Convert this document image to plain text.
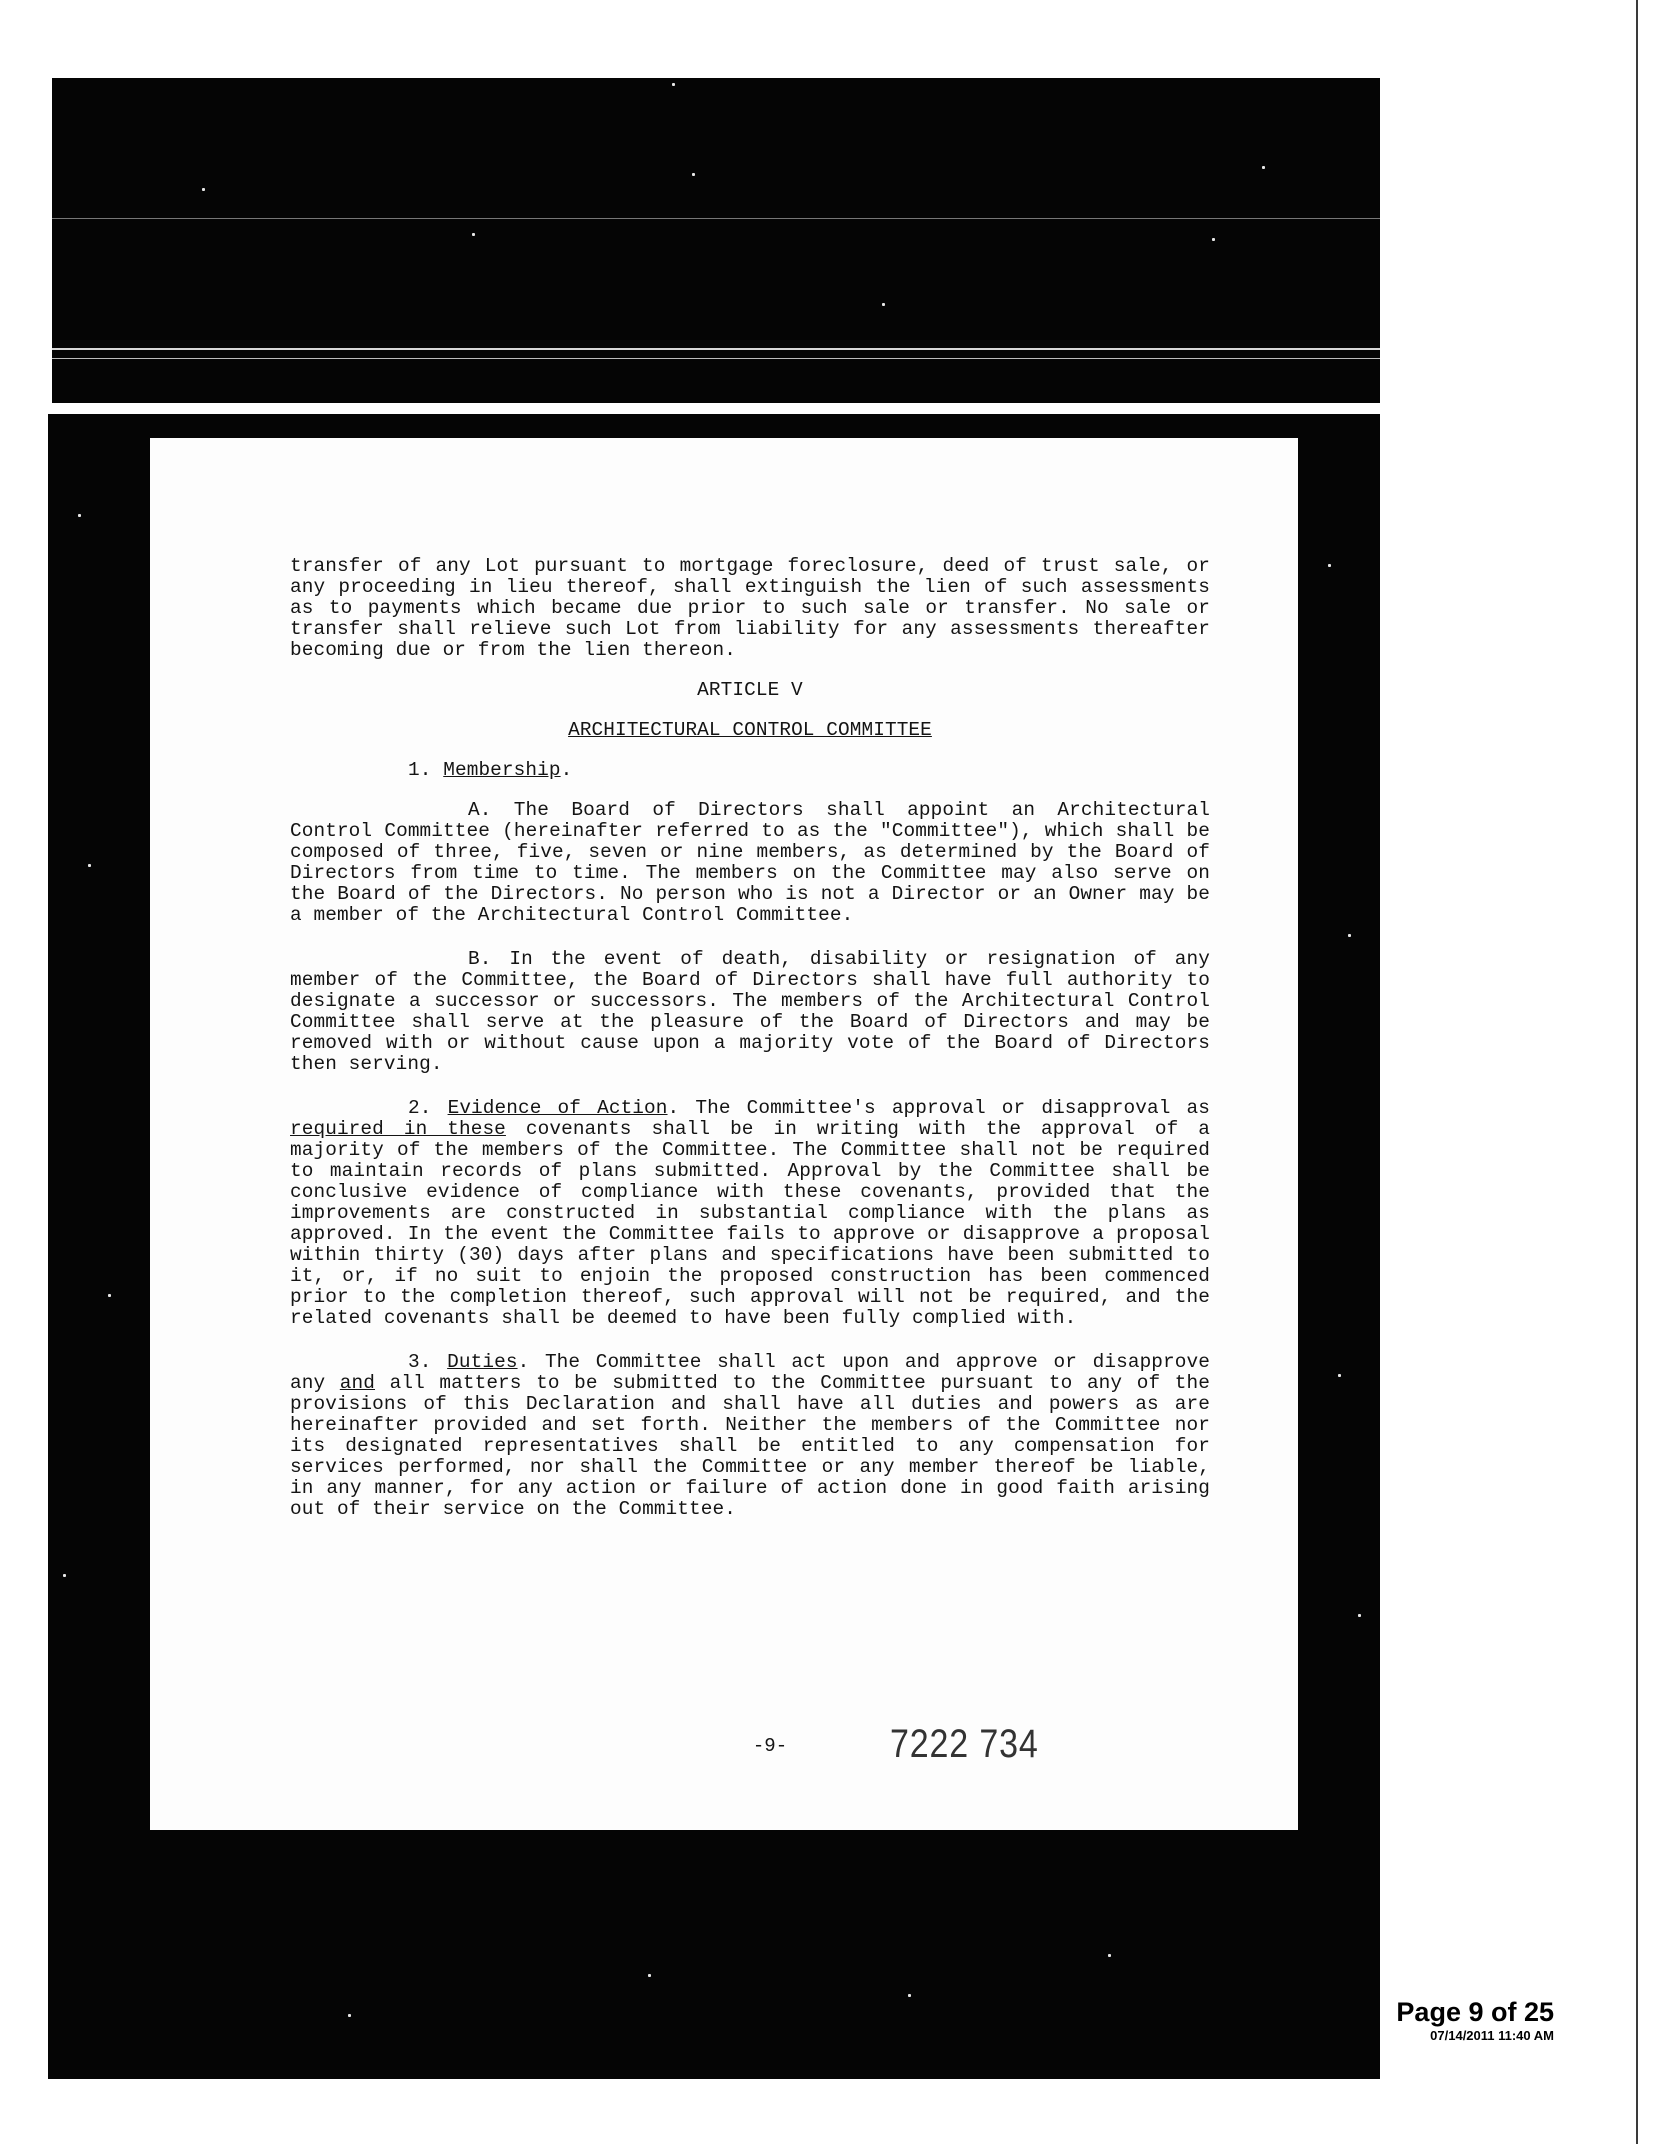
transfer of any Lot pursuant to mortgage foreclosure, deed of trust sale, or any proceeding in lieu thereof, shall extinguish the lien of such assessments as to payments which became due prior to such sale or transfer. No sale or transfer shall relieve such Lot from liability for any assessments thereafter becoming due or from the lien thereon.

ARTICLE V

ARCHITECTURAL CONTROL COMMITTEE

1. Membership.

A. The Board of Directors shall appoint an Architectural Control Committee (hereinafter referred to as the "Committee"), which shall be composed of three, five, seven or nine members, as determined by the Board of Directors from time to time. The members on the Committee may also serve on the Board of the Directors. No person who is not a Director or an Owner may be a member of the Architectural Control Committee.

B. In the event of death, disability or resignation of any member of the Committee, the Board of Directors shall have full authority to designate a successor or successors. The members of the Architectural Control Committee shall serve at the pleasure of the Board of Directors and may be removed with or without cause upon a majority vote of the Board of Directors then serving.

2. Evidence of Action. The Committee's approval or disapproval as required in these covenants shall be in writing with the approval of a majority of the members of the Committee. The Committee shall not be required to maintain records of plans submitted. Approval by the Committee shall be conclusive evidence of compliance with these covenants, provided that the improvements are constructed in substantial compliance with the plans as approved. In the event the Committee fails to approve or disapprove a proposal within thirty (30) days after plans and specifications have been submitted to it, or, if no suit to enjoin the proposed construction has been commenced prior to the completion thereof, such approval will not be required, and the related covenants shall be deemed to have been fully complied with.

3. Duties. The Committee shall act upon and approve or disapprove any and all matters to be submitted to the Committee pursuant to any of the provisions of this Declaration and shall have all duties and powers as are hereinafter provided and set forth. Neither the members of the Committee nor its designated representatives shall be entitled to any compensation for services performed, nor shall the Committee or any member thereof be liable, in any manner, for any action or failure of action done in good faith arising out of their service on the Committee.

-9-	7222 734
Page 9 of 25
07/14/2011 11:40 AM
